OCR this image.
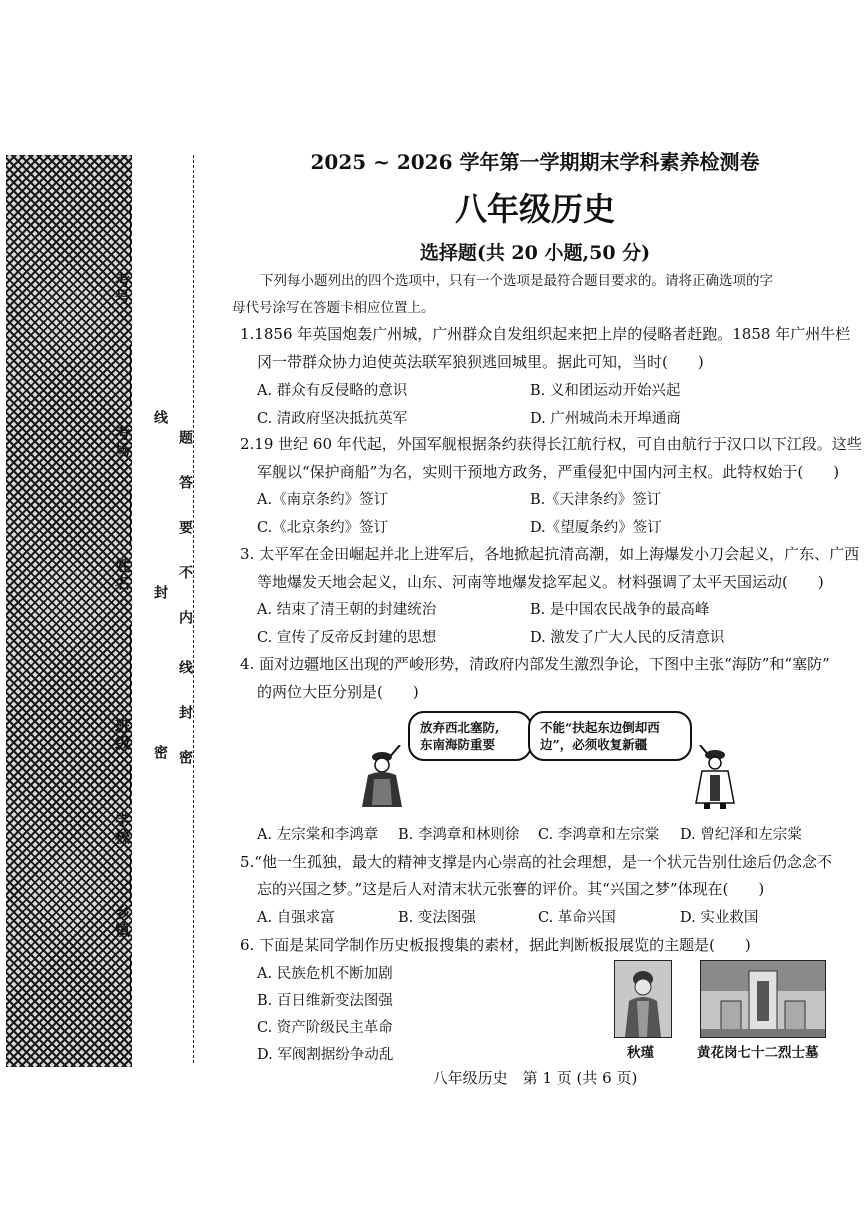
考号
考场
姓名
班级
学校
乡镇
线
题
答
要
不
内
线
封
密
封
密
2025 ~ 2026 学年第一学期期末学科素养检测卷
八年级历史
选择题(共 20 小题,50 分)
下列每小题列出的四个选项中，只有一个选项是最符合题目要求的。请将正确选项的字
母代号涂写在答题卡相应位置上。
1.1856 年英国炮轰广州城，广州群众自发组织起来把上岸的侵略者赶跑。1858 年广州牛栏
冈一带群众协力迫使英法联军狼狈逃回城里。据此可知，当时(　　)
A. 群众有反侵略的意识	B. 义和团运动开始兴起
C. 清政府坚决抵抗英军	D. 广州城尚未开埠通商
2.19 世纪 60 年代起，外国军舰根据条约获得长江航行权，可自由航行于汉口以下江段。这些
军舰以“保护商船”为名，实则干预地方政务，严重侵犯中国内河主权。此特权始于(　　)
A.《南京条约》签订	B.《天津条约》签订
C.《北京条约》签订	D.《望厦条约》签订
3. 太平军在金田崛起并北上进军后，各地掀起抗清高潮，如上海爆发小刀会起义，广东、广西
等地爆发天地会起义，山东、河南等地爆发捻军起义。材料强调了太平天国运动(　　)
A. 结束了清王朝的封建统治	B. 是中国农民战争的最高峰
C. 宣传了反帝反封建的思想	D. 激发了广大人民的反清意识
4. 面对边疆地区出现的严峻形势，清政府内部发生激烈争论，下图中主张“海防”和“塞防”
的两位大臣分别是(　　)
放弃西北塞防,
东南海防重要
不能“扶起东边倒却西
边”，必须收复新疆
A. 左宗棠和李鸿章 B. 李鸿章和林则徐 C. 李鸿章和左宗棠 D. 曾纪泽和左宗棠
5.“他一生孤独，最大的精神支撑是内心崇高的社会理想，是一个状元告别仕途后仍念念不
忘的兴国之梦。”这是后人对清末状元张謇的评价。其“兴国之梦”体现在(　　)
A. 自强求富	B. 变法图强	C. 革命兴国	D. 实业救国
6. 下面是某同学制作历史板报搜集的素材，据此判断板报展览的主题是(　　)
A. 民族危机不断加剧
B. 百日维新变法图强
C. 资产阶级民主革命
D. 军阀割据纷争动乱	秋瑾	黄花岗七十二烈士墓
八年级历史　第 1 页 (共 6 页)
